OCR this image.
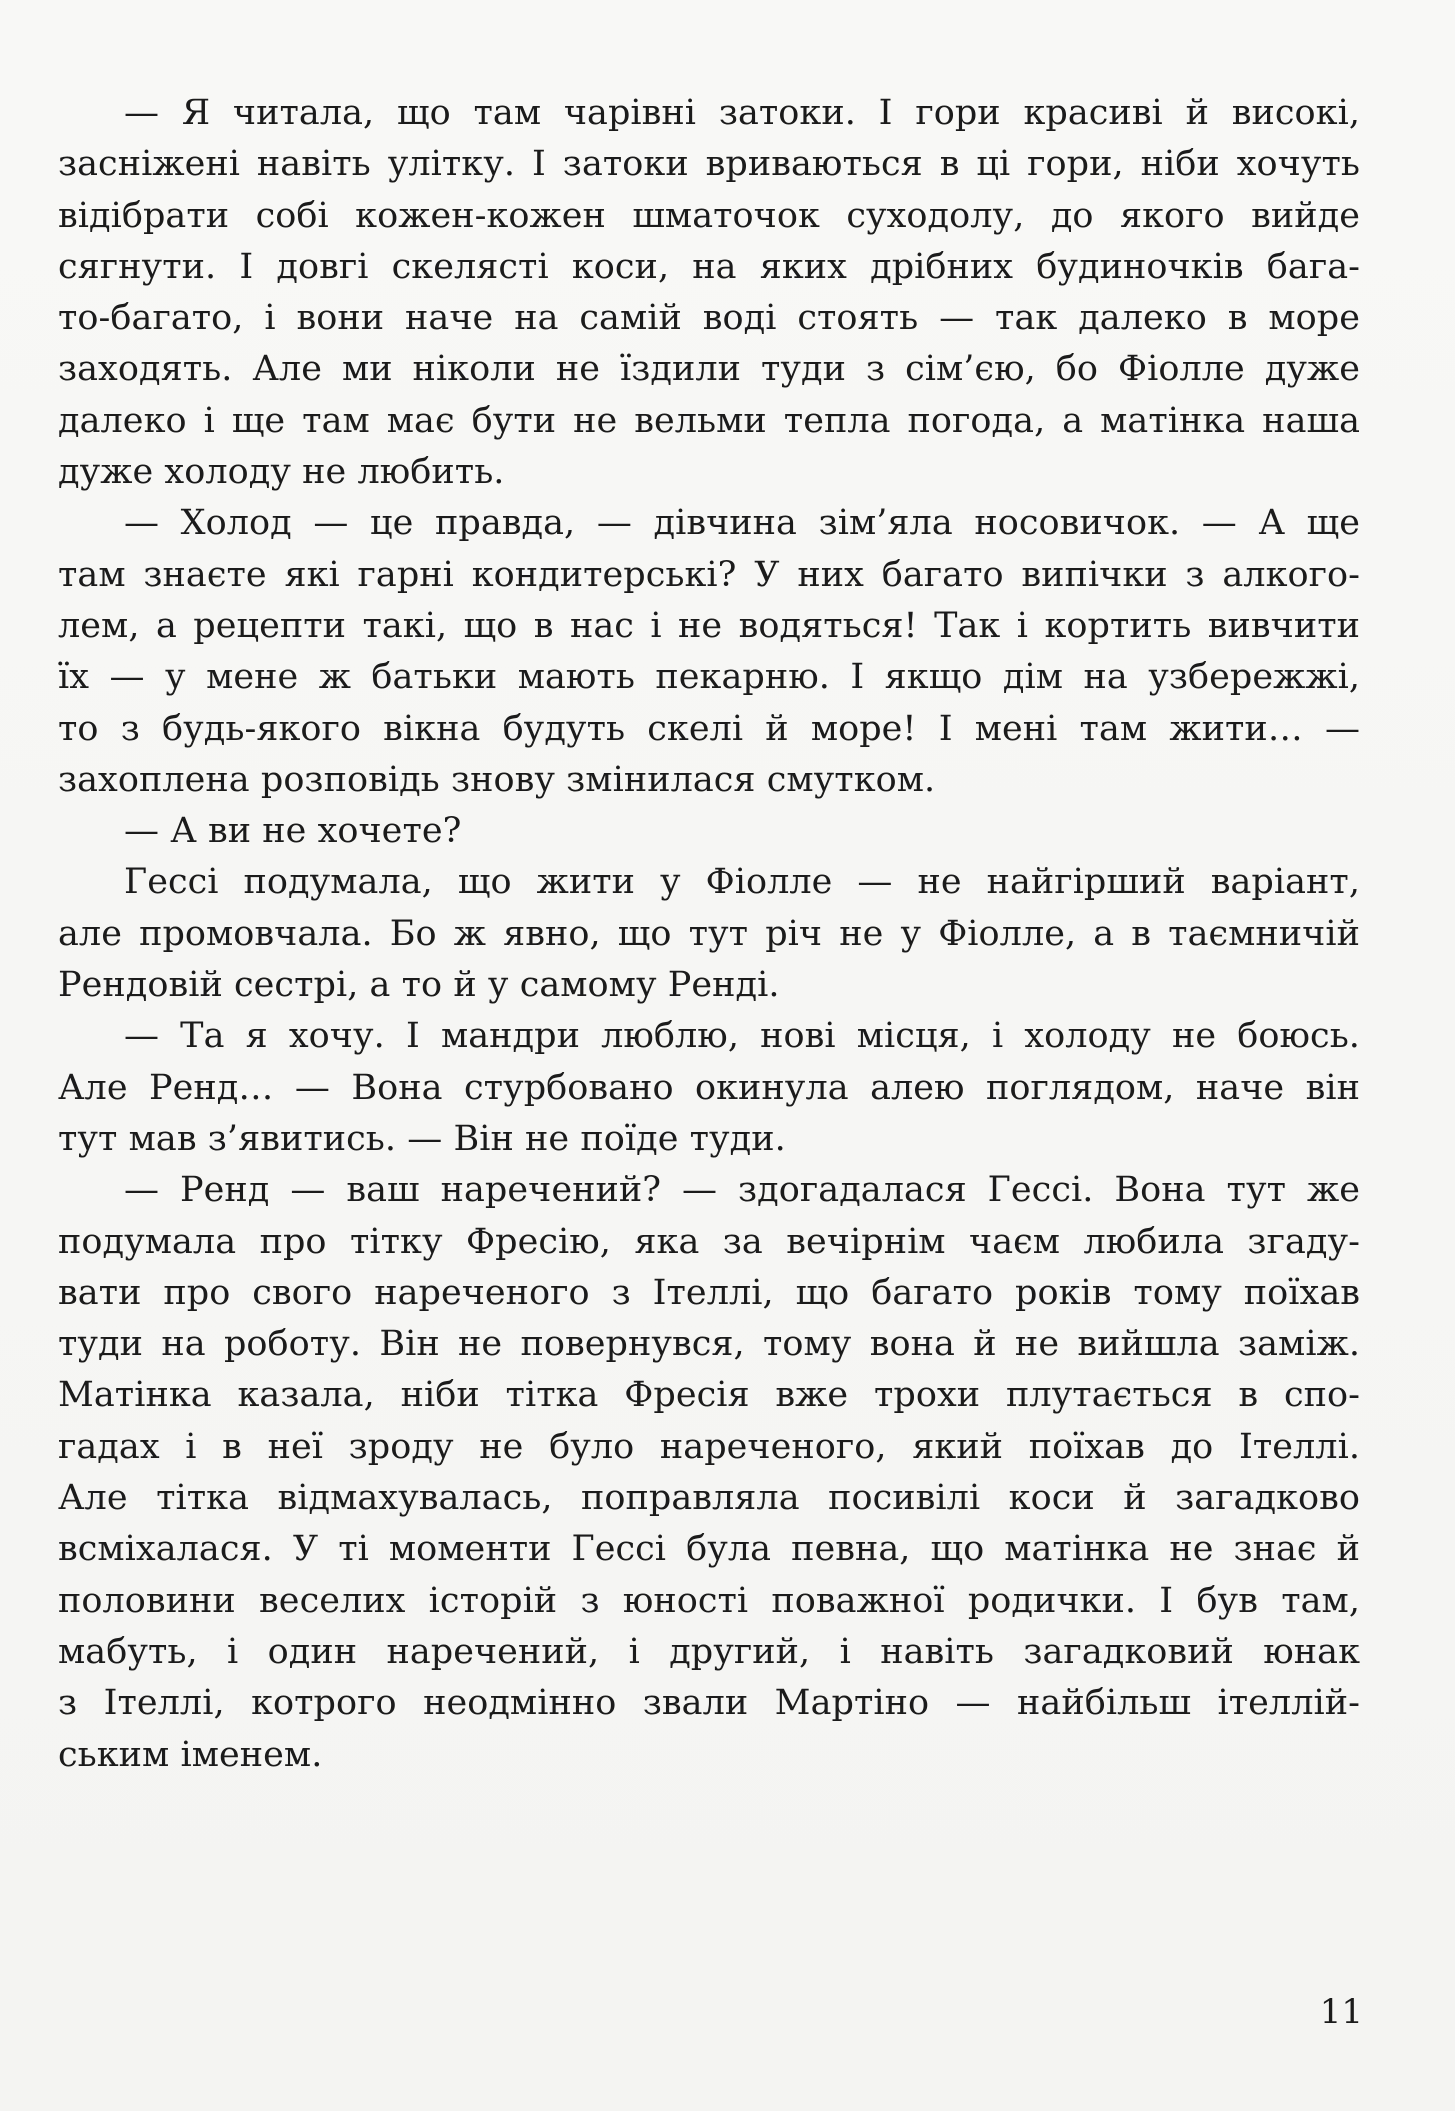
— Я читала, що там чарівні затоки. І гори красиві й високі,
засніжені навіть улітку. І затоки вриваються в ці гори, ніби хочуть
відібрати собі кожен-кожен шматочок суходолу, до якого вийде
сягнути. І довгі скелясті коси, на яких дрібних будиночків бага-
то-багато, і вони наче на самій воді стоять — так далеко в море
заходять. Але ми ніколи не їздили туди з сім’єю, бо Фіолле дуже
далеко і ще там має бути не вельми тепла погода, а матінка наша
дуже холоду не любить.
— Холод — це правда, — дівчина зім’яла носовичок. — А ще
там знаєте які гарні кондитерські? У них багато випічки з алкого-
лем, а рецепти такі, що в нас і не водяться! Так і кортить вивчити
їх — у мене ж батьки мають пекарню. І якщо дім на узбережжі,
то з будь-якого вікна будуть скелі й море! І мені там жити… —
захоплена розповідь знову змінилася смутком.
— А ви не хочете?
Гессі подумала, що жити у Фіолле — не найгірший варіант,
але промовчала. Бо ж явно, що тут річ не у Фіолле, а в таємничій
Рендовій сестрі, а то й у самому Ренді.
— Та я хочу. І мандри люблю, нові місця, і холоду не боюсь.
Але Ренд… — Вона стурбовано окинула алею поглядом, наче він
тут мав з’явитись. — Він не поїде туди.
— Ренд — ваш наречений? — здогадалася Гессі. Вона тут же
подумала про тітку Фресію, яка за вечірнім чаєм любила згаду-
вати про свого нареченого з Ітеллі, що багато років тому поїхав
туди на роботу. Він не повернувся, тому вона й не вийшла заміж.
Матінка казала, ніби тітка Фресія вже трохи плутається в спо-
гадах і в неї зроду не було нареченого, який поїхав до Ітеллі.
Але тітка відмахувалась, поправляла посивілі коси й загадково
всміхалася. У ті моменти Гессі була певна, що матінка не знає й
половини веселих історій з юності поважної родички. І був там,
мабуть, і один наречений, і другий, і навіть загадковий юнак
з Ітеллі, котрого неодмінно звали Мартіно — найбільш ітеллій-
ським іменем.
11
